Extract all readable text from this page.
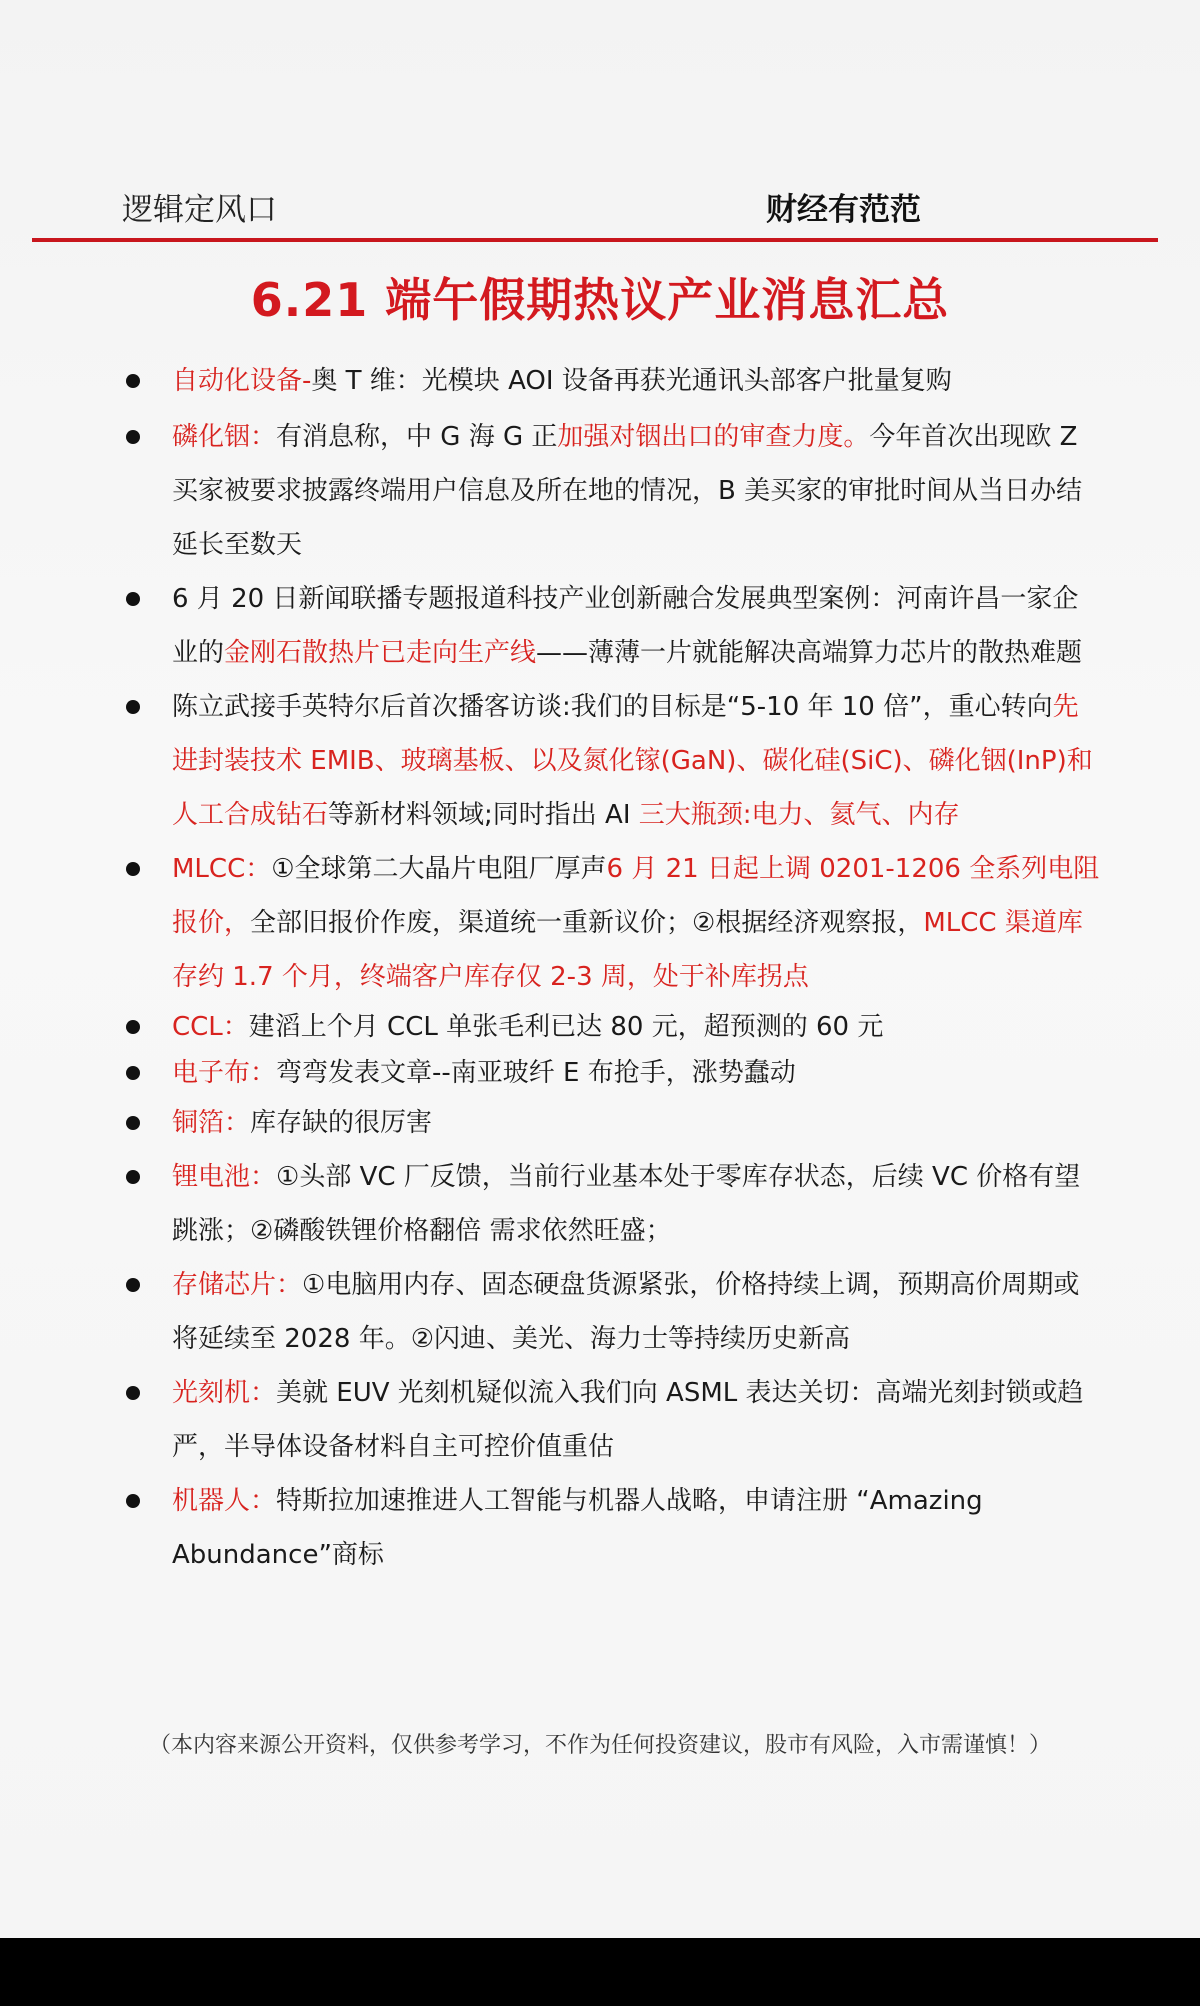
逻辑定风口	财经有范范
6.21 端午假期热议产业消息汇总
自动化设备-奥 T 维：光模块 AOI 设备再获光通讯头部客户批量复购
磷化铟：有消息称，中 G 海 G 正加强对铟出口的审查力度。今年首次出现欧 Z 买家被要求披露终端用户信息及所在地的情况，B 美买家的审批时间从当日办结延长至数天
6 月 20 日新闻联播专题报道科技产业创新融合发展典型案例：河南许昌一家企业的金刚石散热片已走向生产线——薄薄一片就能解决高端算力芯片的散热难题
陈立武接手英特尔后首次播客访谈:我们的目标是“5-10 年 10 倍”，重心转向先进封装技术 EMIB、玻璃基板、以及氮化镓(GaN)、碳化硅(SiC)、磷化铟(InP)和人工合成钻石等新材料领域;同时指出 AI 三大瓶颈:电力、氦气、内存
MLCC：①全球第二大晶片电阻厂厚声6 月 21 日起上调 0201-1206 全系列电阻报价，全部旧报价作废，渠道统一重新议价；②根据经济观察报，MLCC 渠道库存约 1.7 个月，终端客户库存仅 2-3 周，处于补库拐点
CCL：建滔上个月 CCL 单张毛利已达 80 元，超预测的 60 元
电子布：弯弯发表文章--南亚玻纤 E 布抢手，涨势蠢动
铜箔：库存缺的很厉害
锂电池：①头部 VC 厂反馈，当前行业基本处于零库存状态，后续 VC 价格有望跳涨；②磷酸铁锂价格翻倍 需求依然旺盛；
存储芯片：①电脑用内存、固态硬盘货源紧张，价格持续上调，预期高价周期或将延续至 2028 年。②闪迪、美光、海力士等持续历史新高
光刻机：美就 EUV 光刻机疑似流入我们向 ASML 表达关切：高端光刻封锁或趋严，半导体设备材料自主可控价值重估
机器人：特斯拉加速推进人工智能与机器人战略，申请注册 “Amazing Abundance”商标
（本内容来源公开资料，仅供参考学习，不作为任何投资建议，股市有风险，入市需谨慎！）
